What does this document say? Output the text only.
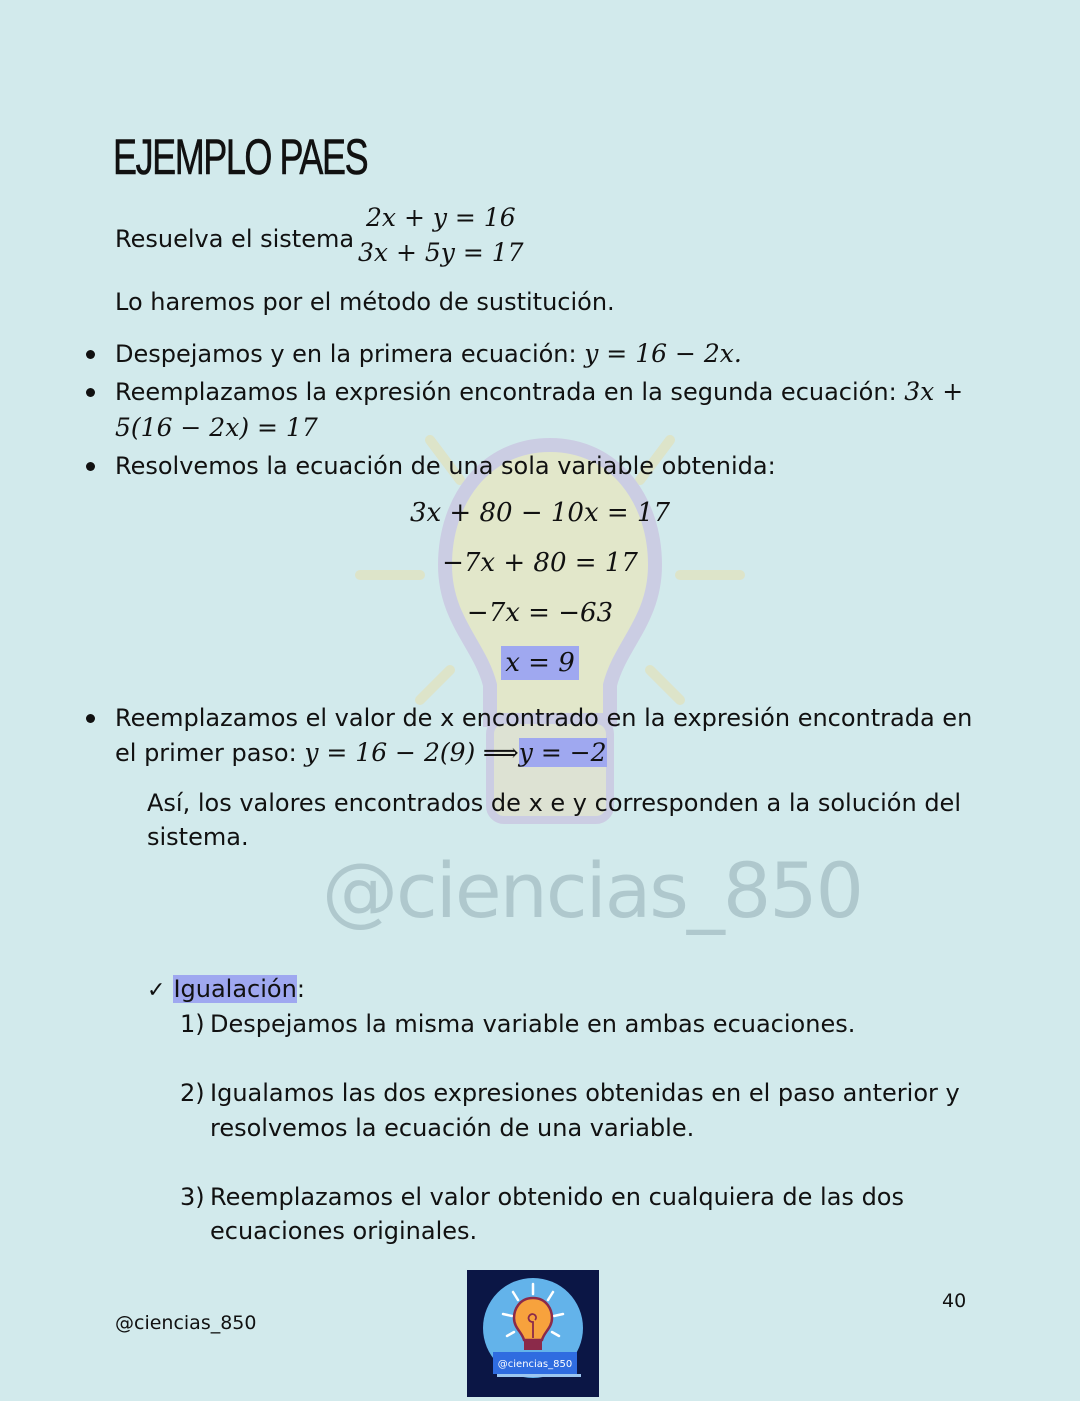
EJEMPLO PAES
Resuelva el sistema
2x + y = 16
3x + 5y = 17
Lo haremos por el método de sustitución.
Despejamos y en la primera ecuación: y = 16 − 2x.
Reemplazamos la expresión encontrada en la segunda ecuación: 3x +
5(16 − 2x) = 17
Resolvemos la ecuación de una sola variable obtenida:
3x + 80 − 10x = 17
−7x + 80 = 17
−7x = −63
x = 9
Reemplazamos el valor de x encontrado en la expresión encontrada en
el primer paso: y = 16 − 2(9) ⟹y = −2
Así, los valores encontrados de x e y corresponden a la solución del
sistema.
@ciencias_850
✓ Igualación:
1) Despejamos la misma variable en ambas ecuaciones.
2) Igualamos las dos expresiones obtenidas en el paso anterior y
resolvemos la ecuación de una variable.
3) Reemplazamos el valor obtenido en cualquiera de las dos
ecuaciones originales.
@ciencias_850
40
@ciencias_850
